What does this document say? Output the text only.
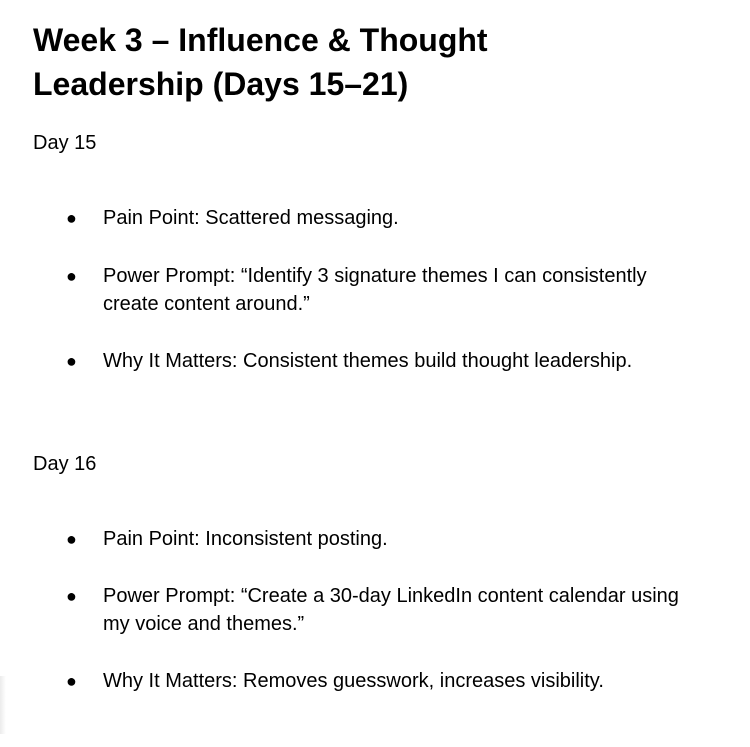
Week 3 – Influence & Thought Leadership (Days 15–21)

Day 15

● Pain Point: Scattered messaging.
● Power Prompt: “Identify 3 signature themes I can consistently create content around.”
● Why It Matters: Consistent themes build thought leadership.

Day 16

● Pain Point: Inconsistent posting.
● Power Prompt: “Create a 30-day LinkedIn content calendar using my voice and themes.”
● Why It Matters: Removes guesswork, increases visibility.
